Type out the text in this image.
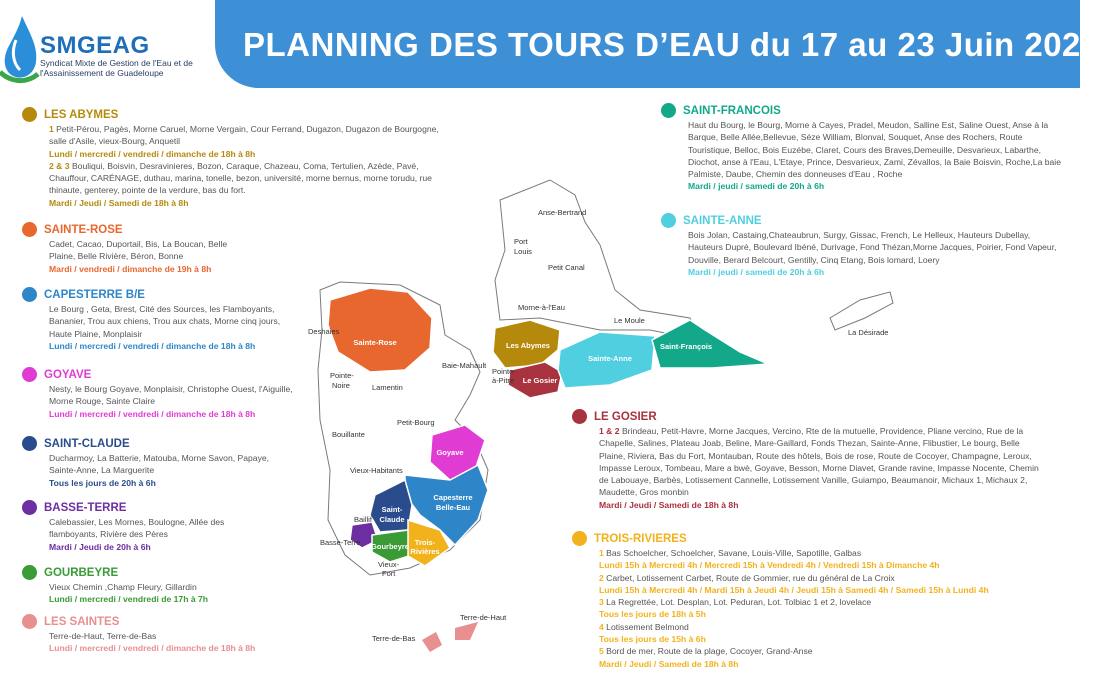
SMGEAG
Syndicat Mixte de Gestion de l'Eau et de l'Assainissement de Guadeloupe
PLANNING DES TOURS D’EAU du 17 au 23 Juin 2024
LES ABYMES
1 Petit-Pérou, Pagès, Morne Caruel, Morne Vergain, Cour Ferrand, Dugazon, Dugazon de Bourgogne, salle d'Asile, vieux-Bourg, Anquetil
Lundi / mercredi / vendredi / dimanche de 18h à 8h
2 & 3 Bouliqui, Boisvin, Desravinieres, Bozon, Caraque, Chazeau, Coma, Tertulien, Azède, Pavé, Chauffour, CARÉNAGE, duthau, marina, tonelle, bezon, université, morne bernus, morne torudu, rue thinaute, genterey, pointe de la verdure, bas du fort.
Mardi / Jeudi / Samedi de 18h à 8h
SAINTE-ROSE
Cadet, Cacao, Duportail, Bis, La Boucan, Belle Plaine, Belle Rivière, Béron, Bonne
Mardi / vendredi / dimanche de 19h à 8h
CAPESTERRE B/E
Le Bourg , Geta, Brest, Cité des Sources, les Flamboyants, Bananier, Trou aux chiens, Trou aux chats, Morne cinq jours, Haute Plaine, Monplaisir
Lundi / mercredi / vendredi / dimanche de 18h à 8h
GOYAVE
Nesty, le Bourg Goyave, Monplaisir, Christophe Ouest, l'Aiguille, Morne Rouge, Sainte Claire
Lundi / mercredi / vendredi / dimanche de 18h à 8h
SAINT-CLAUDE
Ducharmoy, La Batterie, Matouba, Morne Savon, Papaye, Sainte-Anne, La Marguerite
Tous les jours de 20h à 6h
BASSE-TERRE
Calebassier, Les Mornes, Boulogne, Allée des flamboyants, Rivière des Pères
Mardi / Jeudi de 20h à 6h
GOURBEYRE
Vieux Chemin ,Champ Fleury, Gillardin
Lundi / mercredi / vendredi de 17h à 7h
LES SAINTES
Terre-de-Haut, Terre-de-Bas
Lundi / mercredi / vendredi / dimanche de 18h à 8h
SAINT-FRANCOIS
Haut du Bourg, le Bourg, Morne à Cayes, Pradel, Meudon, Salline Est, Saline Ouest, Anse à la Barque, Belle Allée,Bellevue, Séze William, Blonval, Souquet, Anse des Rochers, Route Touristique, Belloc, Bois Euzébe, Claret, Cours des Braves,Demeuille, Desvarieux, Labarthe, Diochot, anse à l'Eau, L'Etaye, Prince, Desvarieux, Zami, Zévallos, la Baie Boisvin, Roche,La baie Palmiste, Daube, Chemin des donneuses d'Eau , Roche
Mardi / jeudi / samedi de 20h à 6h
SAINTE-ANNE
Bois Jolan, Castaing,Chateaubrun, Surgy, Gissac, French, Le Helleux, Hauteurs Dubellay, Hauteurs Dupré, Boulevard Ibéné, Durivage, Fond Thézan,Morne Jacques, Poirier, Fond Vapeur, Douville, Berard Belcourt, Gentilly, Cinq Etang, Bois lomard, Loery
Mardi / jeudi / samedi de 20h à 6h
LE GOSIER
1 & 2 Brindeau, Petit-Havre, Morne Jacques, Vercino, Rte de la mutuelle, Providence, Pliane vercino, Rue de la Chapelle, Salines, Plateau Joab, Beline, Mare-Gaillard, Fonds Thezan, Sainte-Anne, Flibustier, Le bourg, Belle Plaine, Riviera, Bas du Fort, Montauban, Route des hôtels, Bois de rose, Route de Cocoyer, Champagne, Leroux, Impasse Leroux, Tombeau, Mare a bwè, Goyave, Besson, Morne Diavet, Grande ravine, Impasse Nocente, Chemin de Labouaye, Barbès, Lotissement Cannelle, Lotissement Vanille, Guiampo, Beaumanoir, Michaux 1, Michaux 2, Maudette, Gros monbin
Mardi / Jeudi / Samedi de 18h à 8h
TROIS-RIVIERES
1 Bas Schoelcher, Schoelcher, Savane, Louis-Ville, Sapotille, Galbas
Lundi 15h à Mercredi 4h / Mercredi 15h à Vendredi 4h / Vendredi 15h à Dimanche 4h
2 Carbet, Lotissement Carbet, Route de Gommier, rue du général de La Croix
Lundi 15h à Mercredi 4h / Mardi 15h à Jeudi 4h / Jeudi 15h à Samedi 4h / Samedi 15h à Lundi 4h
3 La Regrettée, Lot. Desplan, Lot. Peduran, Lot. Tolbiac 1 et 2, lovelace
Tous les jours de 18h à 5h
4 Lotissement Belmond
Tous les jours de 15h à 6h
5 Bord de mer, Route de la plage, Cocoyer, Grand-Anse
Mardi / Jeudi / Samedi de 18h à 8h
Sainte-Rose	Les Abymes
Le Gosier
Sainte-Anne
Saint-François
Goyave
Capesterre
Belle-Eau
Saint-
Claude
Gourbeyre Trois-
Rivières
Anse-Bertrand
Port
Louis
Petit Canal
Morne-à-l'Eau
Le Moule
La Désirade
Deshaies
Pointe-
Noire	Lamentin
Baie-Mahault
Pointe-
à-Pitre
Petit-Bourg
Bouillante
Vieux-Habitants
Baillif
Basse-Terre
Vieux-
Fort
Terre-de-Haut
Terre-de-Bas
